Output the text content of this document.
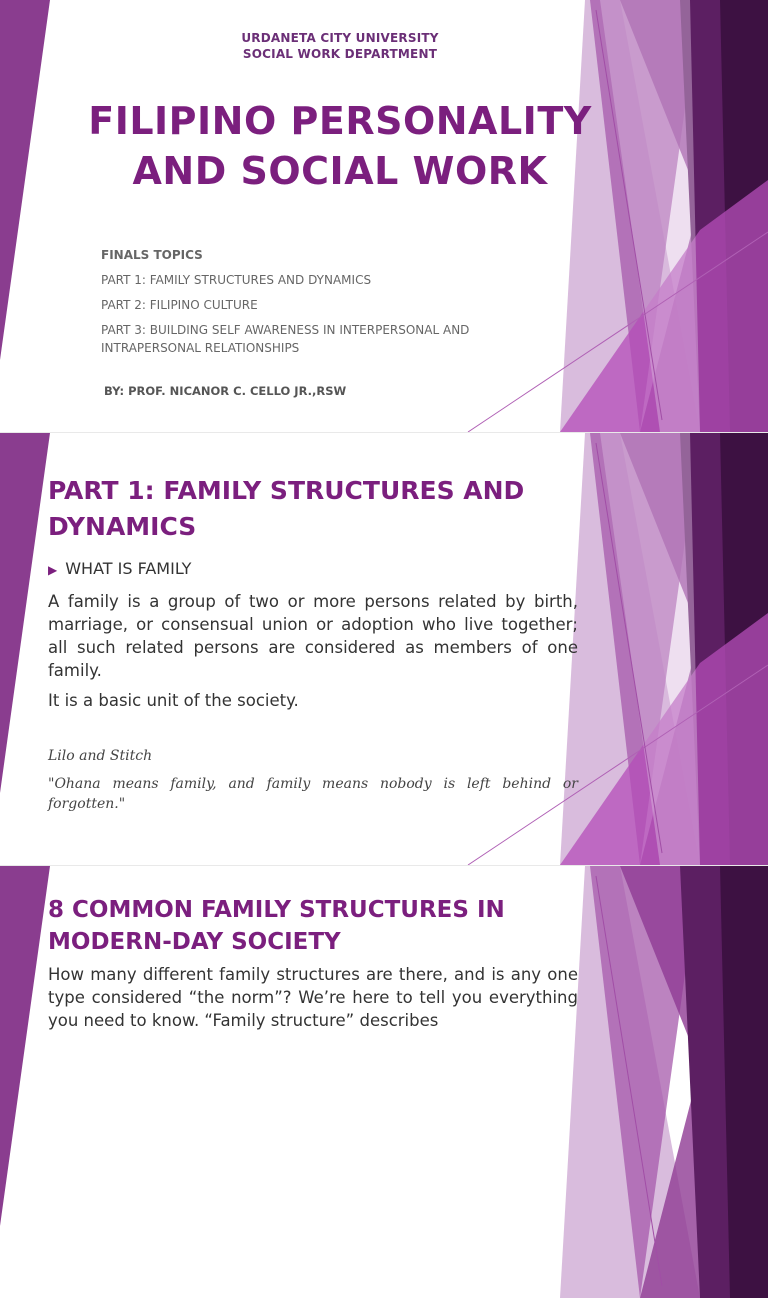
URDANETA CITY UNIVERSITY
SOCIAL WORK DEPARTMENT
FILIPINO PERSONALITY
AND SOCIAL WORK
FINALS TOPICS
PART 1: FAMILY STRUCTURES AND DYNAMICS
PART 2: FILIPINO CULTURE
PART 3: BUILDING SELF AWARENESS IN INTERPERSONAL AND INTRAPERSONAL RELATIONSHIPS
BY: PROF. NICANOR C. CELLO JR.,RSW
PART 1: FAMILY STRUCTURES AND DYNAMICS
▶ WHAT IS FAMILY

A family is a group of two or more persons related by birth, marriage, or consensual union or adoption who live together; all such related persons are considered as members of one family.

It is a basic unit of the society.

Lilo and Stitch
"Ohana means family, and family means nobody is left behind or forgotten."
8 COMMON FAMILY STRUCTURES IN MODERN-DAY SOCIETY

How many different family structures are there, and is any one type considered “the norm”? We’re here to tell you everything you need to know. “Family structure” describes
